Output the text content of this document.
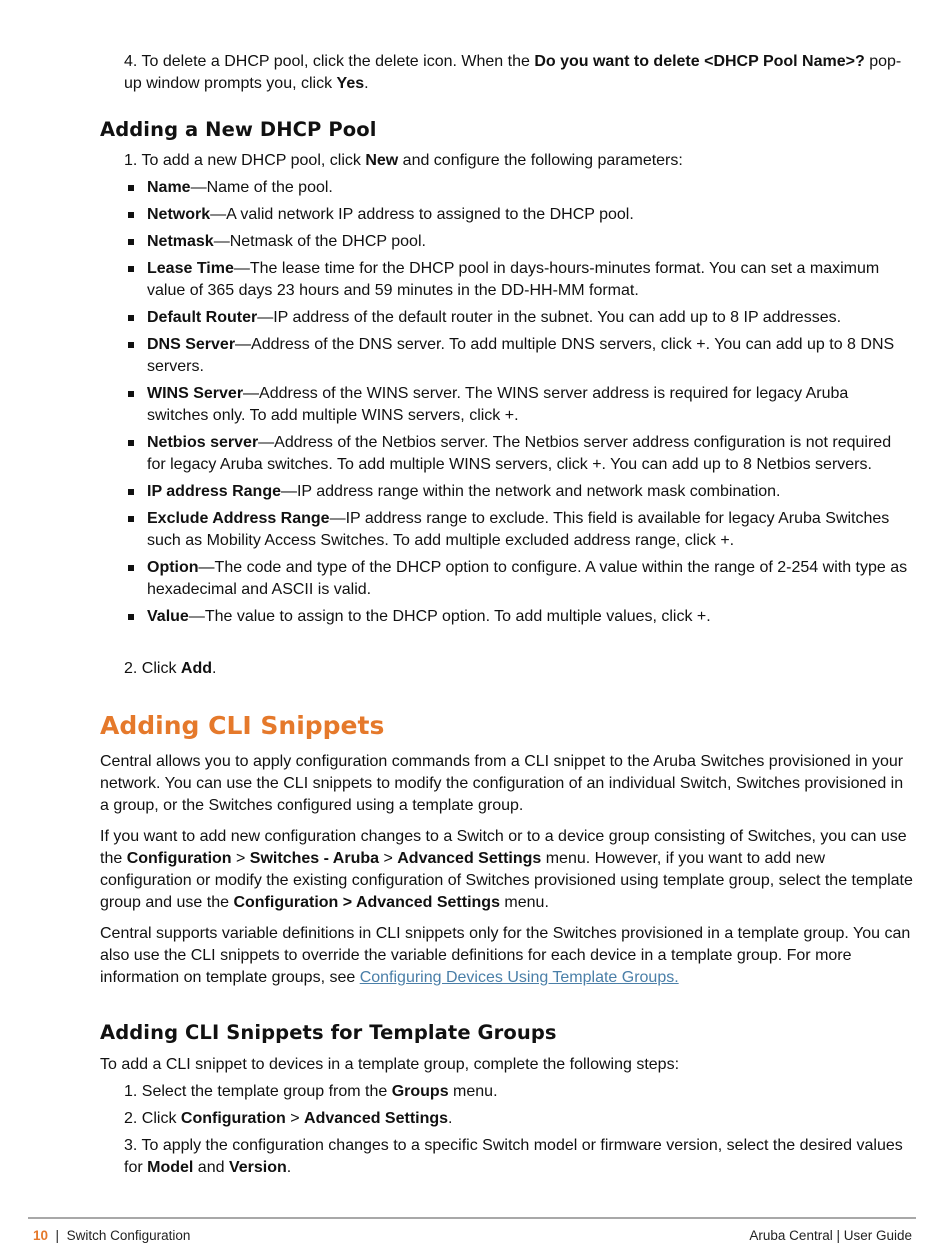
4. To delete a DHCP pool, click the delete icon. When the Do you want to delete <DHCP Pool Name>? pop-up window prompts you, click Yes.

Adding a New DHCP Pool

1. To add a new DHCP pool, click New and configure the following parameters:

Name—Name of the pool.
Network—A valid network IP address to assigned to the DHCP pool.
Netmask—Netmask of the DHCP pool.
Lease Time—The lease time for the DHCP pool in days-hours-minutes format. You can set a maximum value of 365 days 23 hours and 59 minutes in the DD-HH-MM format.
Default Router—IP address of the default router in the subnet. You can add up to 8 IP addresses.
DNS Server—Address of the DNS server. To add multiple DNS servers, click +. You can add up to 8 DNS servers.
WINS Server—Address of the WINS server. The WINS server address is required for legacy Aruba switches only. To add multiple WINS servers, click +.
Netbios server—Address of the Netbios server. The Netbios server address configuration is not required for legacy Aruba switches. To add multiple WINS servers, click +. You can add up to 8 Netbios servers.
IP address Range—IP address range within the network and network mask combination.
Exclude Address Range—IP address range to exclude. This field is available for legacy Aruba Switches such as Mobility Access Switches. To add multiple excluded address range, click +.
Option—The code and type of the DHCP option to configure. A value within the range of 2-254 with type as hexadecimal and ASCII is valid.
Value—The value to assign to the DHCP option. To add multiple values, click +.

2. Click Add.

Adding CLI Snippets

Central allows you to apply configuration commands from a CLI snippet to the Aruba Switches provisioned in your network. You can use the CLI snippets to modify the configuration of an individual Switch, Switches provisioned in a group, or the Switches configured using a template group.

If you want to add new configuration changes to a Switch or to a device group consisting of Switches, you can use the Configuration > Switches - Aruba > Advanced Settings menu. However, if you want to add new configuration or modify the existing configuration of Switches provisioned using template group, select the template group and use the Configuration > Advanced Settings menu.

Central supports variable definitions in CLI snippets only for the Switches provisioned in a template group. You can also use the CLI snippets to override the variable definitions for each device in a template group. For more information on template groups, see Configuring Devices Using Template Groups.

Adding CLI Snippets for Template Groups

To add a CLI snippet to devices in a template group, complete the following steps:

1. Select the template group from the Groups menu.

2. Click Configuration > Advanced Settings.

3. To apply the configuration changes to a specific Switch model or firmware version, select the desired values for Model and Version.

10 | Switch Configuration	Aruba Central | User Guide
